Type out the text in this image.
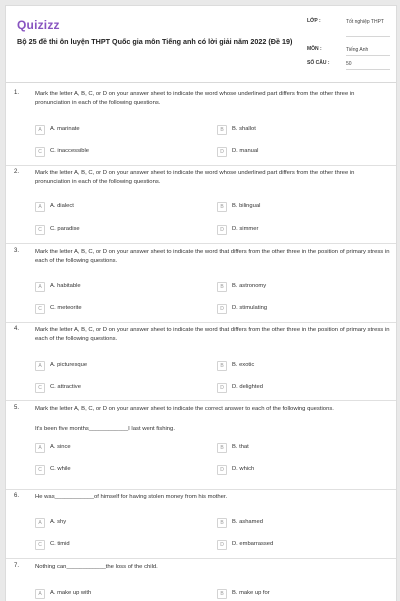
Quizizz
Bộ 25 đề thi ôn luyện THPT Quốc gia môn Tiếng anh có lời giải năm 2022 (Đề 19)
LỚP :	Tốt nghiệp THPT
MÔN :	Tiếng Anh
SỐ CÂU :	50
1.	Mark the letter A, B, C, or D on your answer sheet to indicate the word whose underlined part differs from the other three in pronunciation in each of the following questions.
A	A. marinate	B	B. shallot
C	C. inaccessible	D	D. manual
2.	Mark the letter A, B, C, or D on your answer sheet to indicate the word whose underlined part differs from the other three in pronunciation in each of the following questions.
A	A. dialect	B	B. bilingual
C	C. paradise	D	D. simmer
3.	Mark the letter A, B, C, or D on your answer sheet to indicate the word that differs from the other three in the position of primary stress in each of the following questions.
A	A. habitable	B	B. astronomy
C	C. meteorite	D	D. stimulating
4.	Mark the letter A, B, C, or D on your answer sheet to indicate the word that differs from the other three in the position of primary stress in each of the following questions.
A	A. picturesque	B	B. exotic
C	C. attractive	D	D. delighted
5.	Mark the letter A, B, C, or D on your answer sheet to indicate the correct answer to each of the following questions.
It's been five months____________I last went fishing.
A	A. since	B	B. that
C	C. while	D	D. which
6.	He was____________of himself for having stolen money from his mother.
A	A. shy	B	B. ashamed
C	C. timid	D	D. embarrassed
7.	Nothing can____________the loss of the child.
A	A. make up with	B	B. make up for
